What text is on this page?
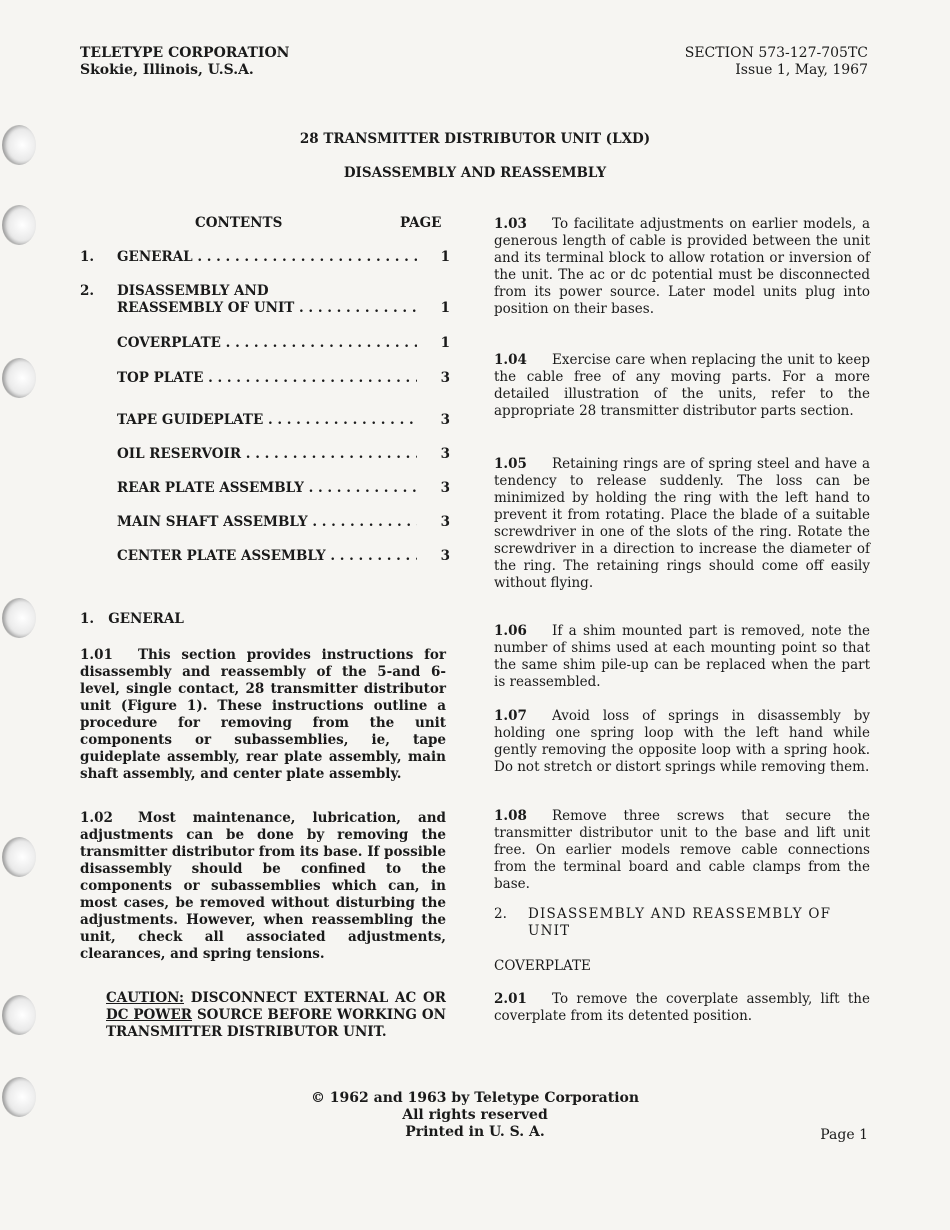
TELETYPE CORPORATION
Skokie, Illinois, U.S.A.
SECTION 573-127-705TC
Issue 1, May, 1967
28 TRANSMITTER DISTRIBUTOR UNIT (LXD)
DISASSEMBLY AND REASSEMBLY
CONTENTS	PAGE
1. GENERAL . . .	1
2. DISASSEMBLY AND
REASSEMBLY OF UNIT . . .	1
COVERPLATE . . .	1
TOP PLATE . . .	3
TAPE GUIDEPLATE . . .	3
OIL RESERVOIR . . .	3
REAR PLATE ASSEMBLY . . .	3
MAIN SHAFT ASSEMBLY . . .	3
CENTER PLATE ASSEMBLY . . .	3
1.   GENERAL
1.01 This section provides instructions for disassembly and reassembly of the 5-and 6-level, single contact, 28 transmitter distributor unit (Figure 1). These instructions outline a procedure for removing from the unit components or subassemblies, ie, tape guideplate assembly, rear plate assembly, main shaft assembly, and center plate assembly.
1.02 Most maintenance, lubrication, and adjustments can be done by removing the transmitter distributor from its base. If possible disassembly should be confined to the components or subassemblies which can, in most cases, be removed without disturbing the adjustments. However, when reassembling the unit, check all associated adjustments, clearances, and spring tensions.
CAUTION: DISCONNECT EXTERNAL AC OR DC POWER SOURCE BEFORE WORKING ON TRANSMITTER DISTRIBUTOR UNIT.
1.03 To facilitate adjustments on earlier models, a generous length of cable is provided between the unit and its terminal block to allow rotation or inversion of the unit. The ac or dc potential must be disconnected from its power source. Later model units plug into position on their bases.
1.04 Exercise care when replacing the unit to keep the cable free of any moving parts. For a more detailed illustration of the units, refer to the appropriate 28 transmitter distributor parts section.
1.05 Retaining rings are of spring steel and have a tendency to release suddenly. The loss can be minimized by holding the ring with the left hand to prevent it from rotating. Place the blade of a suitable screwdriver in one of the slots of the ring. Rotate the screwdriver in a direction to increase the diameter of the ring. The retaining rings should come off easily without flying.
1.06 If a shim mounted part is removed, note the number of shims used at each mounting point so that the same shim pile-up can be replaced when the part is reassembled.
1.07 Avoid loss of springs in disassembly by holding one spring loop with the left hand while gently removing the opposite loop with a spring hook. Do not stretch or distort springs while removing them.
1.08 Remove three screws that secure the transmitter distributor unit to the base and lift unit free. On earlier models remove cable connections from the terminal board and cable clamps from the base.
2. DISASSEMBLY AND REASSEMBLY OF UNIT
COVERPLATE
2.01 To remove the coverplate assembly, lift the coverplate from its detented position.
© 1962 and 1963 by Teletype Corporation
All rights reserved
Printed in U. S. A.	Page 1
